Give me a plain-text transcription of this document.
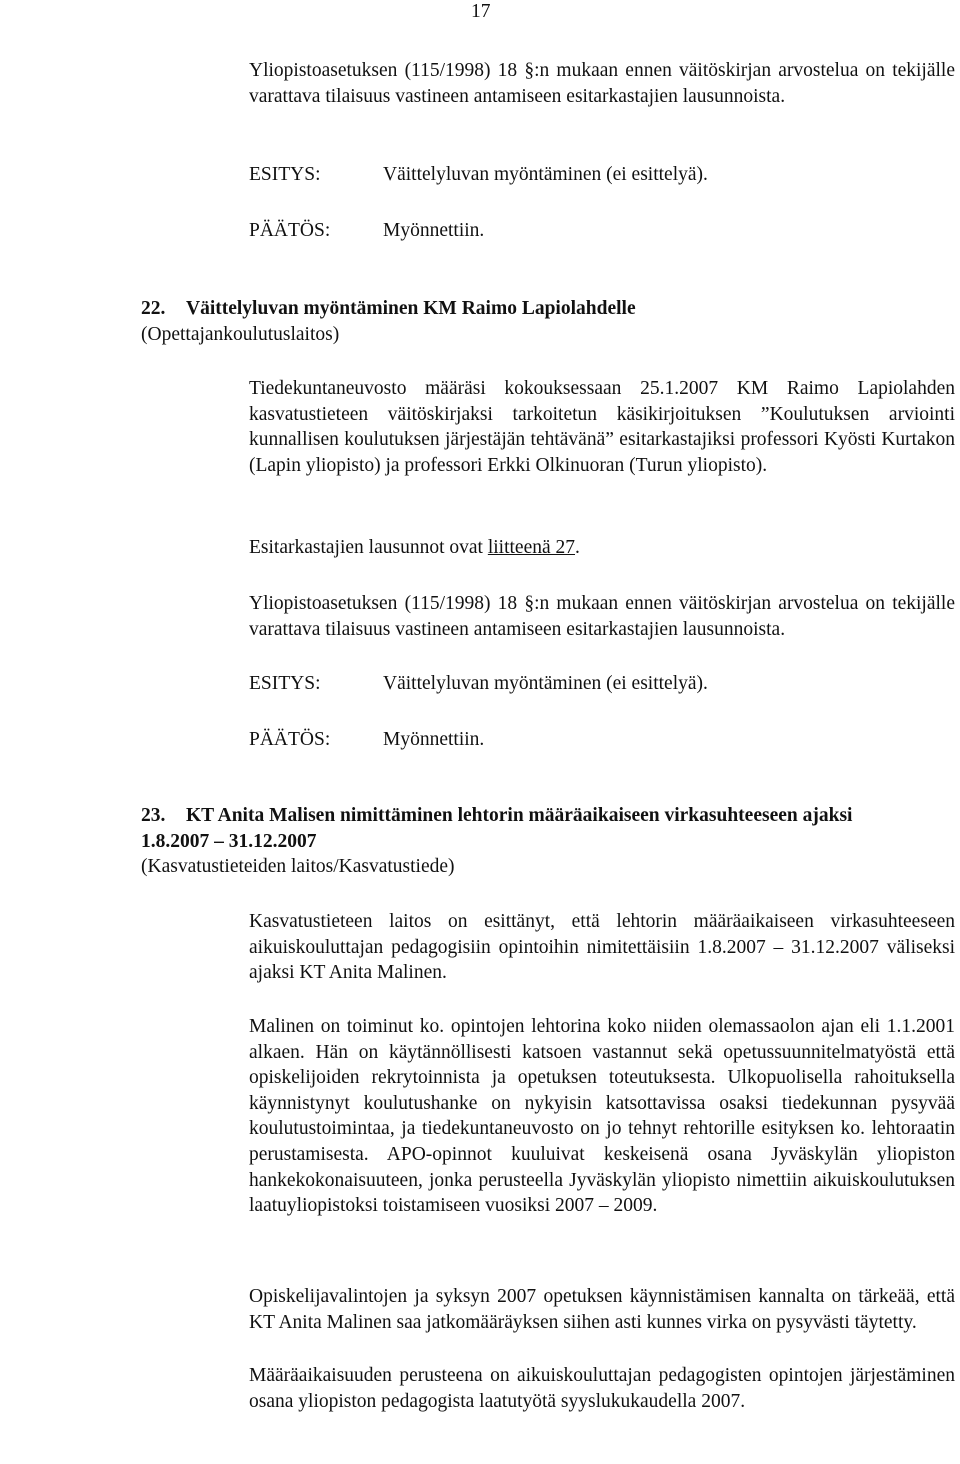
17
Yliopistoasetuksen (115/1998) 18 §:n mukaan ennen väitöskirjan arvostelua on tekijälle varattava tilaisuus vastineen antamiseen esitarkastajien lausunnoista.
ESITYS:	Väittelyluvan myöntäminen (ei esittelyä).
PÄÄTÖS:	Myönnettiin.
22. Väittelyluvan myöntäminen KM Raimo Lapiolahdelle
(Opettajankoulutuslaitos)
Tiedekuntaneuvosto määräsi kokouksessaan 25.1.2007 KM Raimo Lapiolahden kasvatustieteen väitöskirjaksi tarkoitetun käsikirjoituksen ”Koulutuksen arviointi kunnallisen koulutuksen järjestäjän tehtävänä” esitarkastajiksi professori Kyösti Kurtakon (Lapin yliopisto) ja professori Erkki Olkinuoran (Turun yliopisto).
Esitarkastajien lausunnot ovat liitteenä 27.
Yliopistoasetuksen (115/1998) 18 §:n mukaan ennen väitöskirjan arvostelua on tekijälle varattava tilaisuus vastineen antamiseen esitarkastajien lausunnoista.
ESITYS:	Väittelyluvan myöntäminen (ei esittelyä).
PÄÄTÖS:	Myönnettiin.
23. KT Anita Malisen nimittäminen lehtorin määräaikaiseen virkasuhteeseen ajaksi
1.8.2007 – 31.12.2007
(Kasvatustieteiden laitos/Kasvatustiede)
Kasvatustieteen laitos on esittänyt, että lehtorin määräaikaiseen virkasuhteeseen aikuiskouluttajan pedagogisiin opintoihin nimitettäisiin 1.8.2007 – 31.12.2007 väliseksi ajaksi KT Anita Malinen.
Malinen on toiminut ko. opintojen lehtorina koko niiden olemassaolon ajan eli 1.1.2001 alkaen. Hän on käytännöllisesti katsoen vastannut sekä opetussuunnitelmatyöstä että opiskelijoiden rekrytoinnista ja opetuksen toteutuksesta. Ulkopuolisella rahoituksella käynnistynyt koulutushanke on nykyisin katsottavissa osaksi tiedekunnan pysyvää koulutustoimintaa, ja tiedekuntaneuvosto on jo tehnyt rehtorille esityksen ko. lehtoraatin perustamisesta. APO-opinnot kuuluivat keskeisenä osana Jyväskylän yliopiston hankekokonaisuuteen, jonka perusteella Jyväskylän yliopisto nimettiin aikuiskoulutuksen laatuyliopistoksi toistamiseen vuosiksi 2007 – 2009.
Opiskelijavalintojen ja syksyn 2007 opetuksen käynnistämisen kannalta on tärkeää, että KT Anita Malinen saa jatkomääräyksen siihen asti kunnes virka on pysyvästi täytetty.
Määräaikaisuuden perusteena on aikuiskouluttajan pedagogisten opintojen järjestäminen osana yliopiston pedagogista laatutyötä syyslukukaudella 2007.
